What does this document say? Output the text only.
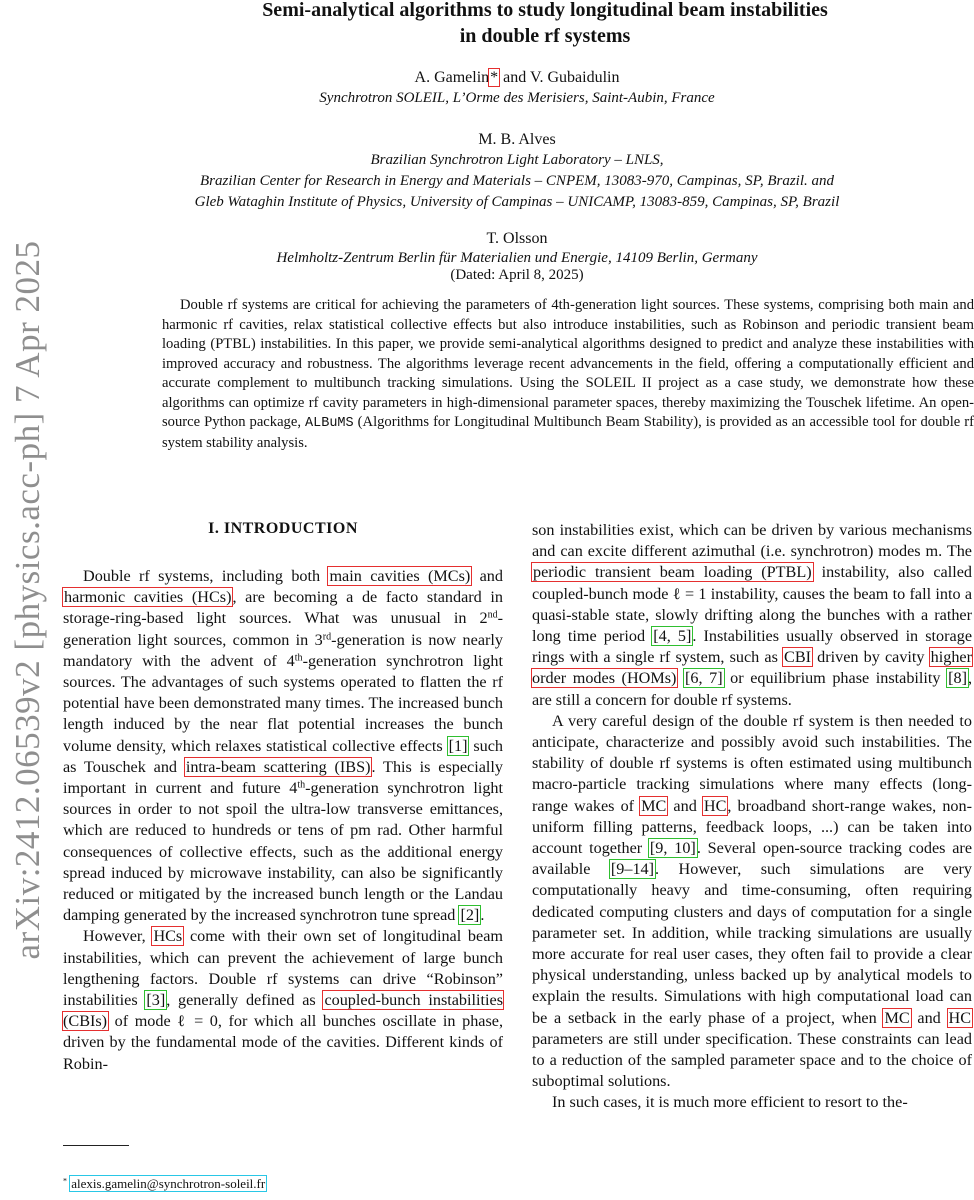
arXiv:2412.06539v2 [physics.acc-ph] 7 Apr 2025
Semi-analytical algorithms to study longitudinal beam instabilities
in double rf systems
A. Gamelin* and V. Gubaidulin
Synchrotron SOLEIL, L’Orme des Merisiers, Saint-Aubin, France
M. B. Alves
Brazilian Synchrotron Light Laboratory – LNLS,
Brazilian Center for Research in Energy and Materials – CNPEM, 13083-970, Campinas, SP, Brazil. and
Gleb Wataghin Institute of Physics, University of Campinas – UNICAMP, 13083-859, Campinas, SP, Brazil
T. Olsson
Helmholtz-Zentrum Berlin für Materialien und Energie, 14109 Berlin, Germany
(Dated: April 8, 2025)

Double rf systems are critical for achieving the parameters of 4th-generation light sources. These systems, comprising both main and harmonic rf cavities, relax statistical collective effects but also introduce instabilities, such as Robinson and periodic transient beam loading (PTBL) instabilities. In this paper, we provide semi-analytical algorithms designed to predict and analyze these instabilities with improved accuracy and robustness. The algorithms leverage recent advancements in the field, offering a computationally efficient and accurate complement to multibunch tracking simulations. Using the SOLEIL II project as a case study, we demonstrate how these algorithms can optimize rf cavity parameters in high-dimensional parameter spaces, thereby maximizing the Touschek lifetime. An open-source Python package, ALBuMS (Algorithms for Longitudinal Multibunch Beam Stability), is provided as an accessible tool for double rf system stability analysis.

I. INTRODUCTION

Double rf systems, including both main cavities (MCs) and harmonic cavities (HCs), are becoming a de facto standard in storage-ring-based light sources. What was unusual in 2nd-generation light sources, common in 3rd-generation is now nearly mandatory with the advent of 4th-generation synchrotron light sources. The advantages of such systems operated to flatten the rf potential have been demonstrated many times. The increased bunch length induced by the near flat potential increases the bunch volume density, which relaxes statistical collective effects [1] such as Touschek and intra-beam scattering (IBS). This is especially important in current and future 4th-generation synchrotron light sources in order to not spoil the ultra-low transverse emittances, which are reduced to hundreds or tens of pm rad. Other harmful consequences of collective effects, such as the additional energy spread induced by microwave instability, can also be significantly reduced or mitigated by the increased bunch length or the Landau damping generated by the increased synchrotron tune spread [2].

However, HCs come with their own set of longitudinal beam instabilities, which can prevent the achievement of large bunch lengthening factors. Double rf systems can drive “Robinson” instabilities [3], generally defined as coupled-bunch instabilities (CBIs) of mode ℓ = 0, for which all bunches oscillate in phase, driven by the fundamental mode of the cavities. Different kinds of Robin-

son instabilities exist, which can be driven by various mechanisms and can excite different azimuthal (i.e. synchrotron) modes m. The periodic transient beam loading (PTBL) instability, also called coupled-bunch mode ℓ = 1 instability, causes the beam to fall into a quasi-stable state, slowly drifting along the bunches with a rather long time period [4, 5]. Instabilities usually observed in storage rings with a single rf system, such as CBI driven by cavity higher order modes (HOMs) [6, 7] or equilibrium phase instability [8], are still a concern for double rf systems.

A very careful design of the double rf system is then needed to anticipate, characterize and possibly avoid such instabilities. The stability of double rf systems is often estimated using multibunch macro-particle tracking simulations where many effects (long-range wakes of MC and HC, broadband short-range wakes, non-uniform filling patterns, feedback loops, ...) can be taken into account together [9, 10]. Several open-source tracking codes are available [9–14]. However, such simulations are very computationally heavy and time-consuming, often requiring dedicated computing clusters and days of computation for a single parameter set. In addition, while tracking simulations are usually more accurate for real user cases, they often fail to provide a clear physical understanding, unless backed up by analytical models to explain the results. Simulations with high computational load can be a setback in the early phase of a project, when MC and HC parameters are still under specification. These constraints can lead to a reduction of the sampled parameter space and to the choice of suboptimal solutions.

In such cases, it is much more efficient to resort to the-

* alexis.gamelin@synchrotron-soleil.fr
